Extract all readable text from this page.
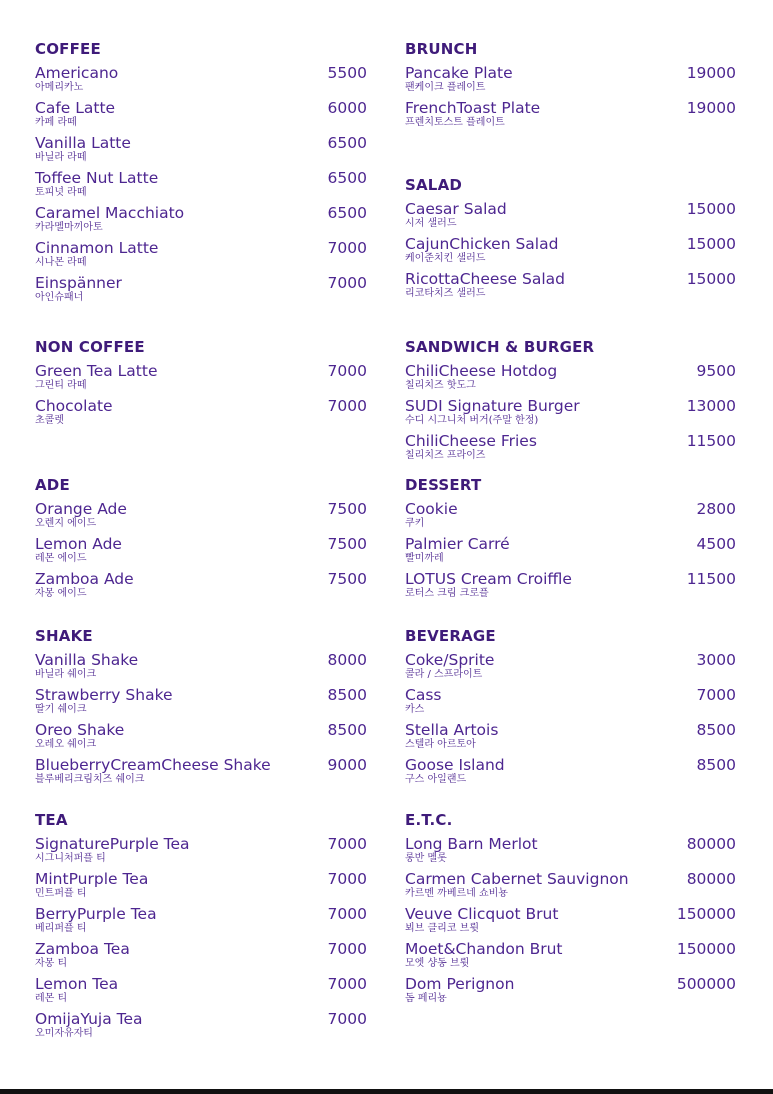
COFFEE
Americano
아메리카노
5500
Cafe Latte
카페 라떼
6000
Vanilla Latte
바닐라 라떼
6500
Toffee Nut Latte
토피넛 라떼
6500
Caramel Macchiato
카라멜마끼아토
6500
Cinnamon Latte
시나몬 라떼
7000
Einspänner
아인슈패너
7000
NON COFFEE
Green Tea Latte
그린티 라떼
7000
Chocolate
초콜렛
7000
ADE
Orange Ade
오렌지 에이드
7500
Lemon Ade
레몬 에이드
7500
Zamboa Ade
자몽 에이드
7500
SHAKE
Vanilla Shake
바닐라 쉐이크
8000
Strawberry Shake
딸기 쉐이크
8500
Oreo Shake
오레오 쉐이크
8500
BlueberryCreamCheese Shake
블루베리크림치즈 쉐이크
9000
TEA
SignaturePurple Tea
시그니처퍼플 티
7000
MintPurple Tea
민트퍼플 티
7000
BerryPurple Tea
베리퍼플 티
7000
Zamboa Tea
자몽 티
7000
Lemon Tea
레몬 티
7000
OmijaYuja Tea
오미자유자티
7000
BRUNCH
Pancake Plate
팬케이크 플레이트
19000
FrenchToast Plate
프렌치토스트 플레이트
19000
SALAD
Caesar Salad
시저 샐러드
15000
CajunChicken Salad
케이준치킨 샐러드
15000
RicottaCheese Salad
리코타치즈 샐러드
15000
SANDWICH & BURGER
ChiliCheese Hotdog
칠리치즈 핫도그
9500
SUDI Signature Burger
수디 시그니처 버거(주말 한정)
13000
ChiliCheese Fries
칠리치즈 프라이즈
11500
DESSERT
Cookie
쿠키
2800
Palmier Carré
빨미까레
4500
LOTUS Cream Croiffle
로터스 크림 크로플
11500
BEVERAGE
Coke/Sprite
콜라 / 스프라이트
3000
Cass
카스
7000
Stella Artois
스텔라 아르토아
8500
Goose Island
구스 아일랜드
8500
E.T.C.
Long Barn Merlot
롱반 멜롯
80000
Carmen Cabernet Sauvignon
카르멘 까베르네 쇼비뇽
80000
Veuve Clicquot Brut
뵈브 클리코 브륏
150000
Moet&Chandon Brut
모엣 샹동 브륏
150000
Dom Perignon
돔 페리뇽
500000
